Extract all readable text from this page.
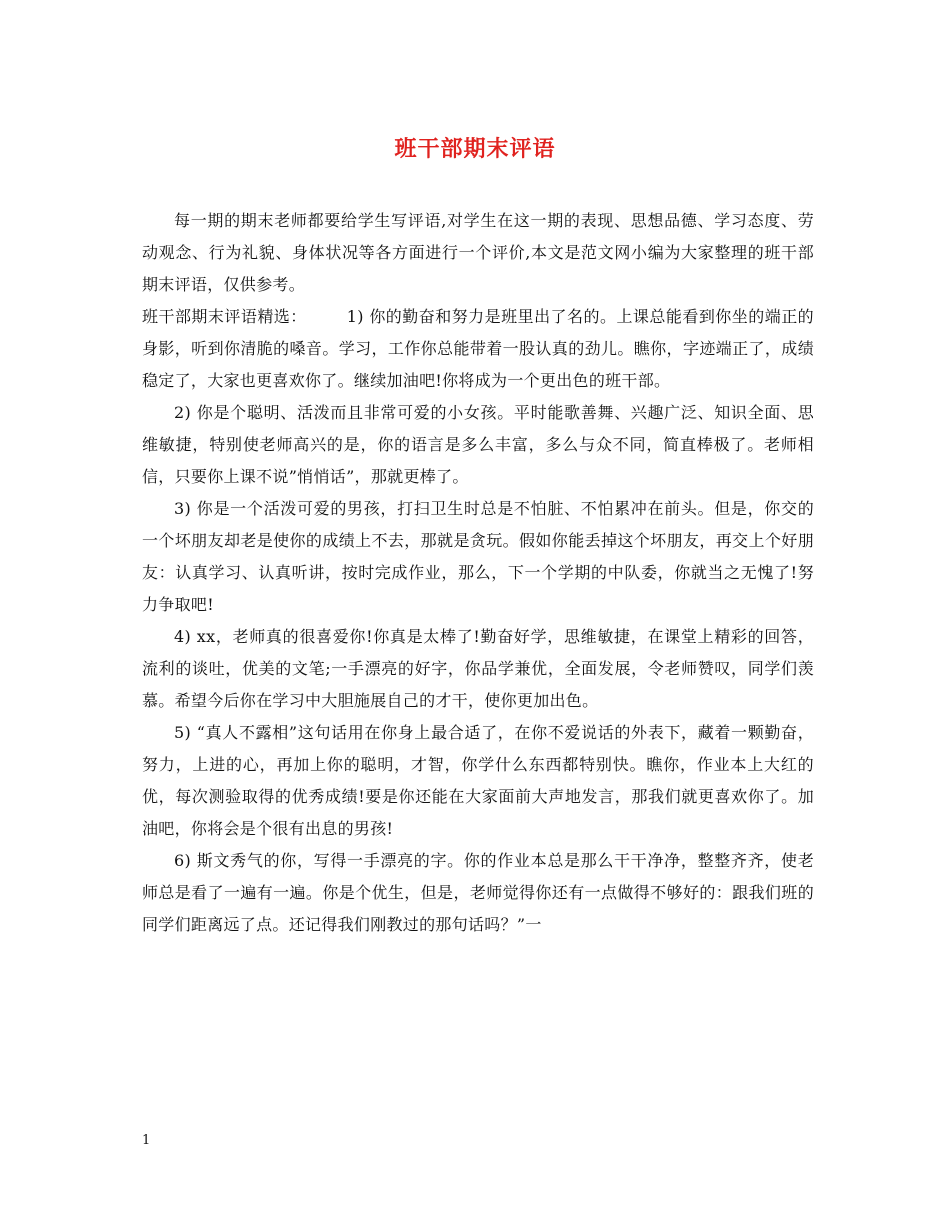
班干部期末评语

每一期的期末老师都要给学生写评语,对学生在这一期的表现、思想品德、学习态度、劳动观念、行为礼貌、身体状况等各方面进行一个评价,本文是范文网小编为大家整理的班干部期末评语，仅供参考。

班干部期末评语精选：	1) 你的勤奋和努力是班里出了名的。上课总能看到你坐的端正的身影，听到你清脆的嗓音。学习，工作你总能带着一股认真的劲儿。瞧你，字迹端正了，成绩稳定了，大家也更喜欢你了。继续加油吧!你将成为一个更出色的班干部。

2) 你是个聪明、活泼而且非常可爱的小女孩。平时能歌善舞、兴趣广泛、知识全面、思维敏捷，特别使老师高兴的是，你的语言是多么丰富，多么与众不同，简直棒极了。老师相信，只要你上课不说”悄悄话”，那就更棒了。

3) 你是一个活泼可爱的男孩，打扫卫生时总是不怕脏、不怕累冲在前头。但是，你交的一个坏朋友却老是使你的成绩上不去，那就是贪玩。假如你能丢掉这个坏朋友，再交上个好朋友：认真学习、认真听讲，按时完成作业，那么，下一个学期的中队委，你就当之无愧了!努力争取吧!

4) xx，老师真的很喜爱你!你真是太棒了!勤奋好学，思维敏捷，在课堂上精彩的回答，流利的谈吐，优美的文笔;一手漂亮的好字，你品学兼优，全面发展，令老师赞叹，同学们羡慕。希望今后你在学习中大胆施展自己的才干，使你更加出色。

5) “真人不露相”这句话用在你身上最合适了，在你不爱说话的外表下，藏着一颗勤奋，努力，上进的心，再加上你的聪明，才智，你学什么东西都特别快。瞧你，作业本上大红的优，每次测验取得的优秀成绩!要是你还能在大家面前大声地发言，那我们就更喜欢你了。加油吧，你将会是个很有出息的男孩!

6) 斯文秀气的你，写得一手漂亮的字。你的作业本总是那么干干净净，整整齐齐，使老师总是看了一遍有一遍。你是个优生，但是，老师觉得你还有一点做得不够好的：跟我们班的同学们距离远了点。还记得我们刚教过的那句话吗？”一

1
